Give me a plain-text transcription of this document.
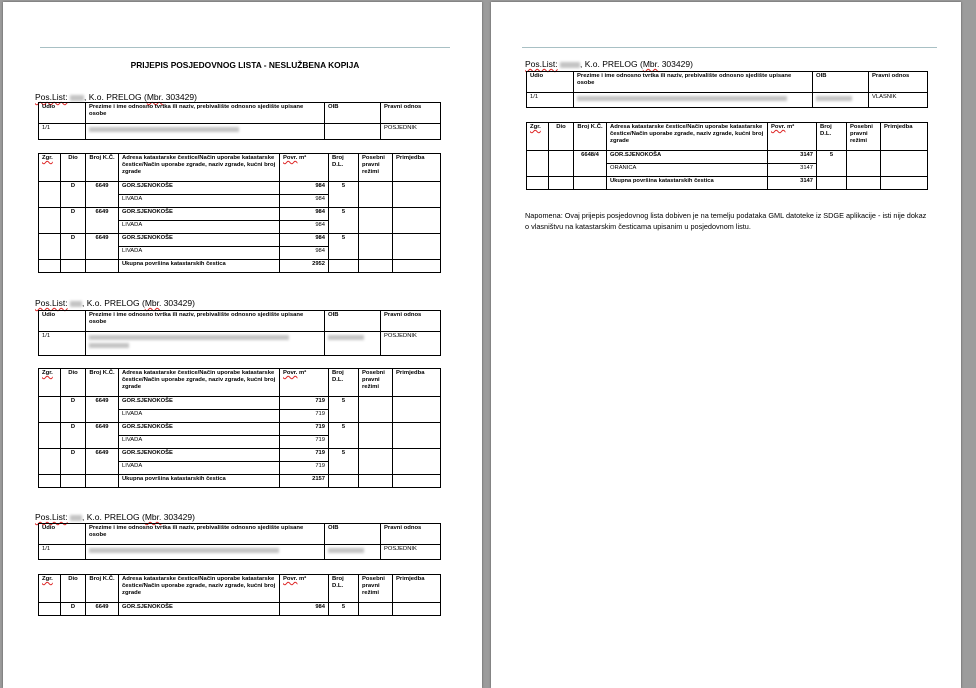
PRIJEPIS POSJEDOVNOG LISTA - NESLUŽBENA KOPIJA
Pos.List: , K.o. PRELOG (Mbr. 303429)
Udio	Prezime i ime odnosno tvrtka ili naziv, prebivalište odnosno sjedište upisane osobe	OIB	Pravni odnos
1/1			POSJEDNIK
Zgr.	Dio	Broj K.Č.	Adresa katastarske čestice/Način uporabe katastarske čestice/Način uporabe zgrade, naziv zgrade, kućni broj zgrade	Povr. m²	Broj D.L.	Posebni pravni režimi	Primjedba
	D	6649	GOR.SJENOKOŠE	984	5		
			LIVADA	984			
	D	6649	GOR.SJENOKOŠE	984	5		
			LIVADA	984			
	D	6649	GOR.SJENOKOŠE	984	5		
			LIVADA	984			
			Ukupna površina katastarskih čestica	2952			
Pos.List: , K.o. PRELOG (Mbr. 303429)
Udio	Prezime i ime odnosno tvrtka ili naziv, prebivalište odnosno sjedište upisane osobe	OIB	Pravni odnos
1/1			POSJEDNIK
Zgr.	Dio	Broj K.Č.	Adresa katastarske čestice/Način uporabe katastarske čestice/Način uporabe zgrade, naziv zgrade, kućni broj zgrade	Povr. m²	Broj D.L.	Posebni pravni režimi	Primjedba
	D	6649	GOR.SJENOKOŠE	719	5		
			LIVADA	719			
	D	6649	GOR.SJENOKOŠE	719	5		
			LIVADA	719			
	D	6649	GOR.SJENOKOŠE	719	5		
			LIVADA	719			
			Ukupna površina katastarskih čestica	2157			
Pos.List: , K.o. PRELOG (Mbr. 303429)
Udio	Prezime i ime odnosno tvrtka ili naziv, prebivalište odnosno sjedište upisane osobe	OIB	Pravni odnos
1/1			POSJEDNIK
Zgr.	Dio	Broj K.Č.	Adresa katastarske čestice/Način uporabe katastarske čestice/Način uporabe zgrade, naziv zgrade, kućni broj zgrade	Povr. m²	Broj D.L.	Posebni pravni režimi	Primjedba
	D	6649	GOR.SJENOKOŠE	984	5		
Pos.List:	, K.o. PRELOG (Mbr. 303429)
Udio	Prezime i ime odnosno tvrtka ili naziv, prebivalište odnosno sjedište upisane osobe	OIB	Pravni odnos
1/1			VLASNIK
Zgr.	Dio	Broj K.Č.	Adresa katastarske čestice/Način uporabe katastarske čestice/Način uporabe zgrade, naziv zgrade, kućni broj zgrade	Povr. m²	Broj D.L.	Posebni pravni režimi	Primjedba
		6648/4	GOR.SJENOKOŠA	3147	5		
			ORANICA	3147			
			Ukupna površina katastarskih čestica	3147			
Napomena: Ovaj prijepis posjedovnog lista dobiven je na temelju podataka GML datoteke iz SDGE aplikacije - isti nije dokaz o vlasništvu na katastarskim česticama upisanim u posjedovnom listu.
